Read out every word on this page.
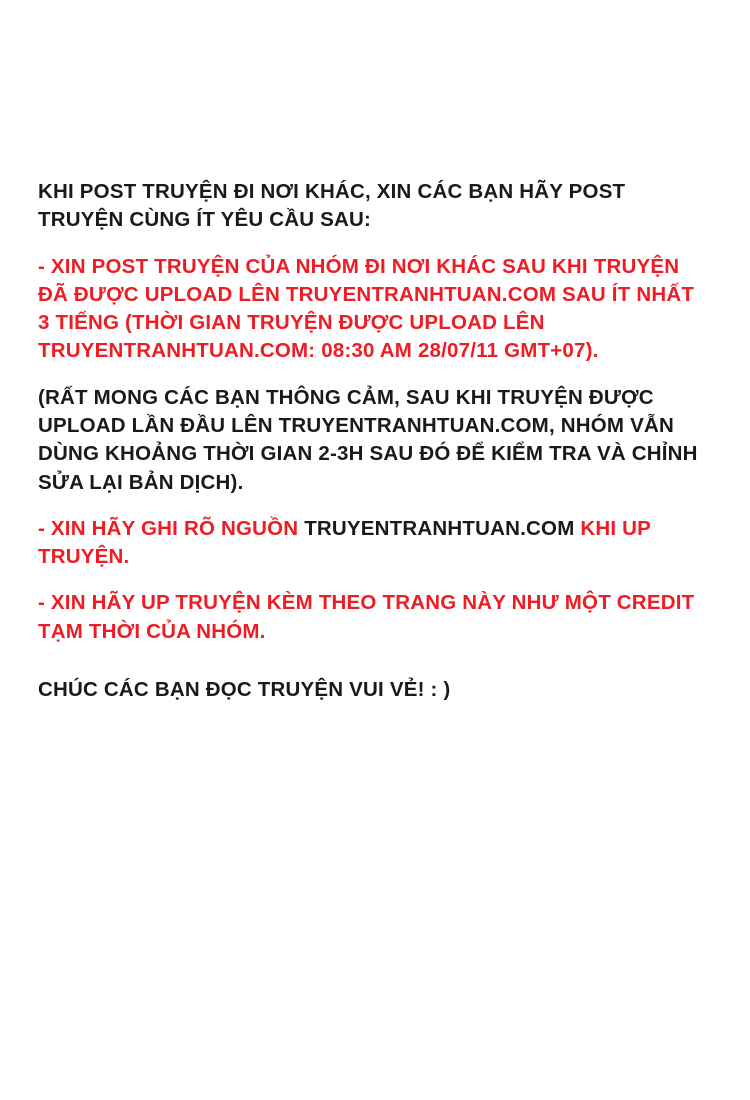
KHI POST TRUYỆN ĐI NƠI KHÁC, XIN CÁC BẠN HÃY POST TRUYỆN CÙNG ÍT YÊU CẦU SAU:

- XIN POST TRUYỆN CỦA NHÓM ĐI NƠI KHÁC SAU KHI TRUYỆN ĐÃ ĐƯỢC UPLOAD LÊN TRUYENTRANHTUAN.COM SAU ÍT NHẤT 3 TIẾNG (THỜI GIAN TRUYỆN ĐƯỢC UPLOAD LÊN TRUYENTRANHTUAN.COM: 08:30 AM 28/07/11 GMT+07).

(RẤT MONG CÁC BẠN THÔNG CẢM, SAU KHI TRUYỆN ĐƯỢC UPLOAD LẦN ĐẦU LÊN TRUYENTRANHTUAN.COM, NHÓM VẪN DÙNG KHOẢNG THỜI GIAN 2-3H SAU ĐÓ ĐỂ KIỂM TRA VÀ CHỈNH SỬA LẠI BẢN DỊCH).

- XIN HÃY GHI RÕ NGUỒN TRUYENTRANHTUAN.COM KHI UP TRUYỆN.

- XIN HÃY UP TRUYỆN KÈM THEO TRANG NÀY NHƯ MỘT CREDIT TẠM THỜI CỦA NHÓM.

CHÚC CÁC BẠN ĐỌC TRUYỆN VUI VẺ! : )
